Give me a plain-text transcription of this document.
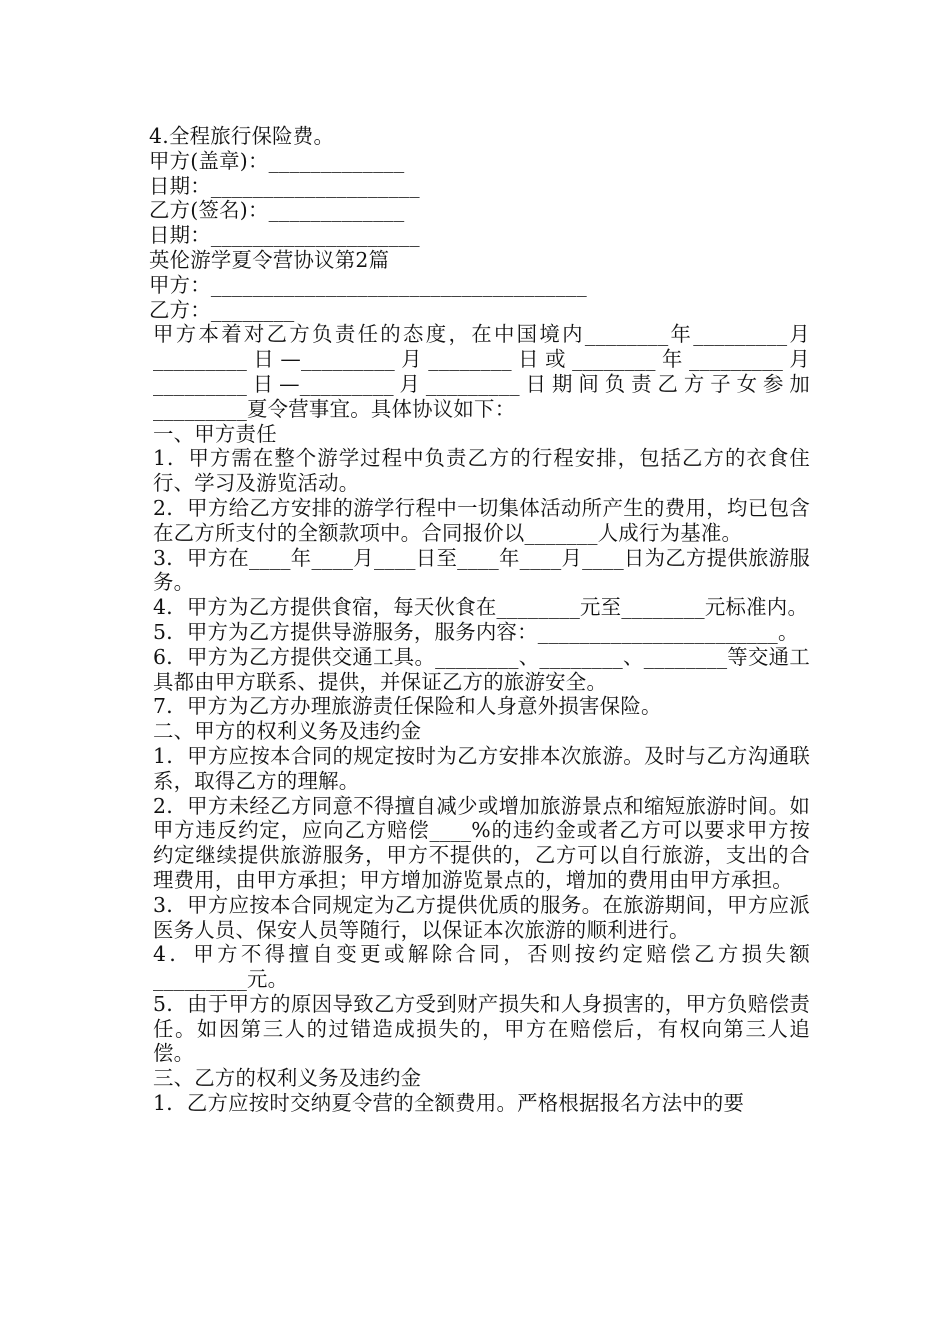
4.全程旅行保险费。

甲方(盖章)：_____________

日期：____________________

乙方(签名)：_____________

日期：____________________

英伦游学夏令营协议第2篇

甲方：____________________________________

乙方：________

甲方本着对乙方负责任的态度，在中国境内________年_________月_________日—_________月________日或________年_________月_________日—_________月_________日期间负责乙方子女参加_________夏令营事宜。具体协议如下：

一、甲方责任

1．甲方需在整个游学过程中负责乙方的行程安排，包括乙方的衣食住行、学习及游览活动。

2．甲方给乙方安排的游学行程中一切集体活动所产生的费用，均已包含在乙方所支付的全额款项中。合同报价以_______人成行为基准。

3．甲方在____年____月____日至____年____月____日为乙方提供旅游服务。

4．甲方为乙方提供食宿，每天伙食在________元至________元标准内。

5．甲方为乙方提供导游服务，服务内容：_______________________。

6．甲方为乙方提供交通工具。________、________、________等交通工具都由甲方联系、提供，并保证乙方的旅游安全。

7．甲方为乙方办理旅游责任保险和人身意外损害保险。

二、甲方的权利义务及违约金

1．甲方应按本合同的规定按时为乙方安排本次旅游。及时与乙方沟通联系，取得乙方的理解。

2．甲方未经乙方同意不得擅自减少或增加旅游景点和缩短旅游时间。如甲方违反约定，应向乙方赔偿____%的违约金或者乙方可以要求甲方按约定继续提供旅游服务，甲方不提供的，乙方可以自行旅游，支出的合理费用，由甲方承担；甲方增加游览景点的，增加的费用由甲方承担。

3．甲方应按本合同规定为乙方提供优质的服务。在旅游期间，甲方应派医务人员、保安人员等随行，以保证本次旅游的顺利进行。

4．甲方不得擅自变更或解除合同，否则按约定赔偿乙方损失额_________元。

5．由于甲方的原因导致乙方受到财产损失和人身损害的，甲方负赔偿责任。如因第三人的过错造成损失的，甲方在赔偿后，有权向第三人追偿。

三、乙方的权利义务及违约金

1．乙方应按时交纳夏令营的全额费用。严格根据报名方法中的要
